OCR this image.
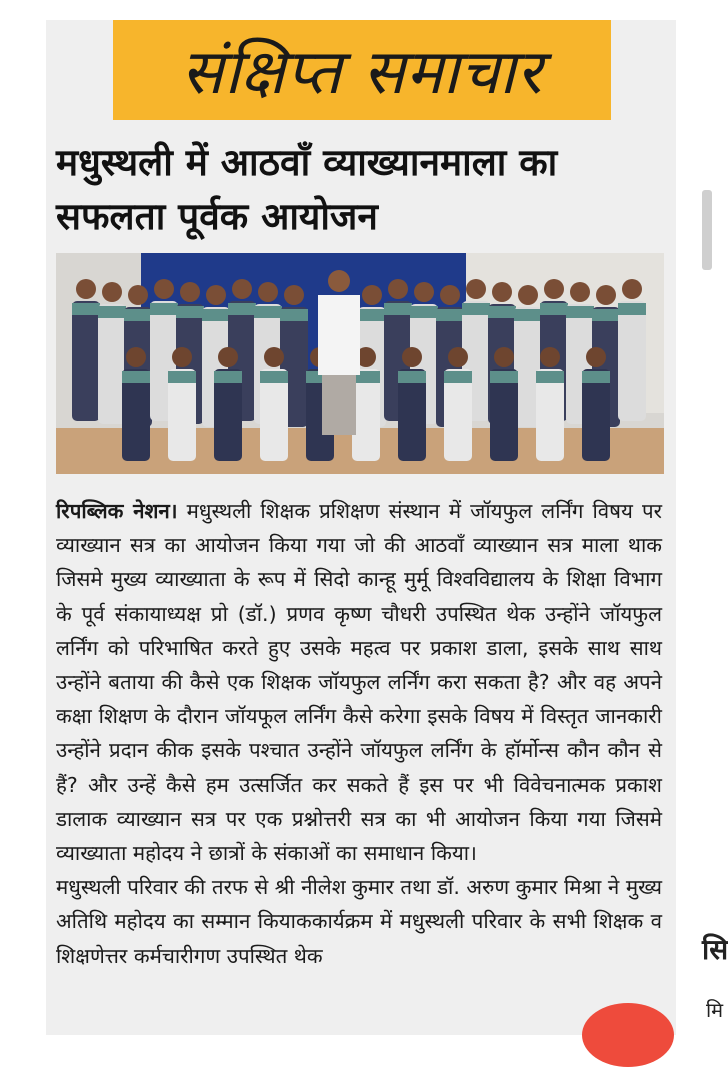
संक्षिप्त समाचार
मधुस्थली में आठवाँ व्याख्यानमाला का
सफलता पूर्वक आयोजन

रिपब्लिक नेशन। मधुस्थली शिक्षक प्रशिक्षण संस्थान में जॉयफुल लर्निंग विषय पर व्याख्यान सत्र का आयोजन किया गया जो की आठवाँ व्याख्यान सत्र माला थाक जिसमे मुख्य व्याख्याता के रूप में सिदो कान्हू मुर्मू विश्वविद्यालय के शिक्षा विभाग के पूर्व संकायाध्यक्ष प्रो (डॉ.) प्रणव कृष्ण चौधरी उपस्थित थेक उन्होंने जॉयफुल लर्निंग को परिभाषित करते हुए उसके महत्व पर प्रकाश डाला, इसके साथ साथ उन्होंने बताया की कैसे एक शिक्षक जॉयफुल लर्निंग करा सकता है? और वह अपने कक्षा शिक्षण के दौरान जॉयफूल लर्निंग कैसे करेगा इसके विषय में विस्तृत जानकारी उन्होंने प्रदान कीक इसके पश्चात उन्होंने जॉयफुल लर्निंग के हॉर्मोन्स कौन कौन से हैं? और उन्हें कैसे हम उत्सर्जित कर सकते हैं इस पर भी विवेचनात्मक प्रकाश डालाक व्याख्यान सत्र पर एक प्रश्नोत्तरी सत्र का भी आयोजन किया गया जिसमे व्याख्याता महोदय ने छात्रों के संकाओं का समाधान किया।

मधुस्थली परिवार की तरफ से श्री नीलेश कुमार तथा डॉ. अरुण कुमार मिश्रा ने मुख्य अतिथि महोदय का सम्मान कियाककार्यक्रम में मधुस्थली परिवार के सभी शिक्षक व शिक्षणेत्तर कर्मचारीगण उपस्थित थेक	सि
मि
